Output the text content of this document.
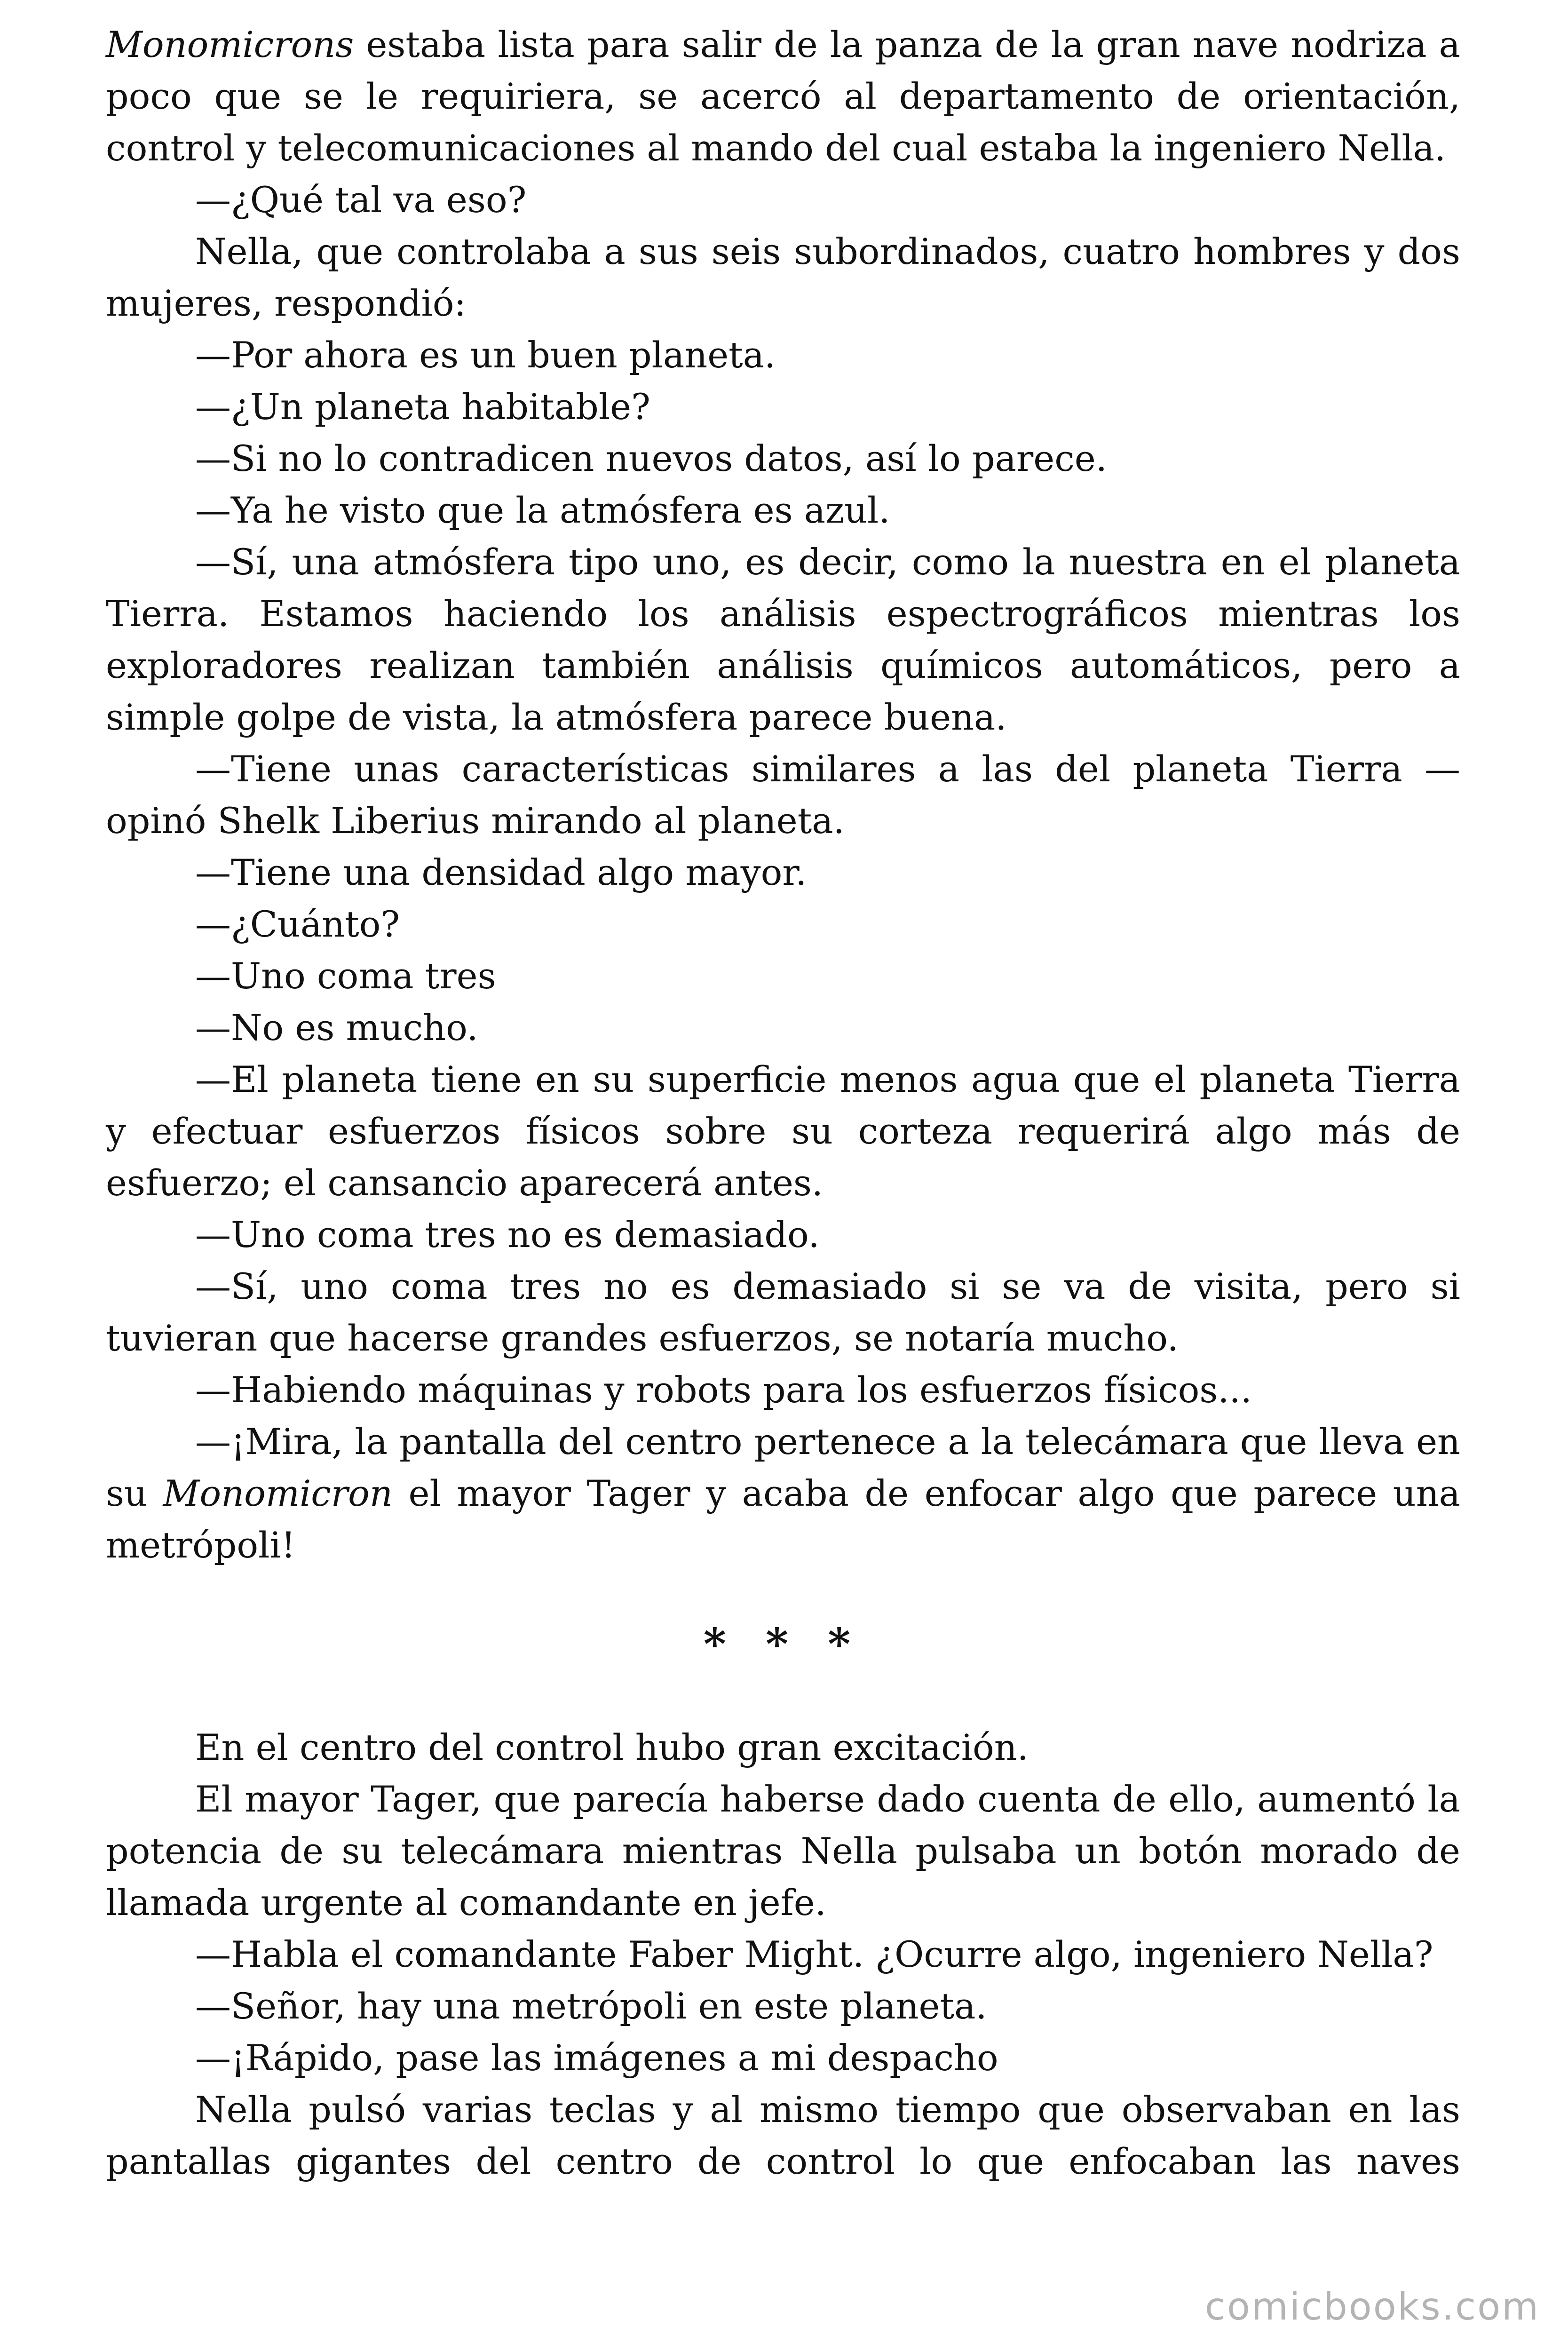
Monomicrons estaba lista para salir de la panza de la gran nave nodriza a poco que se le requiriera, se acercó al departamento de orientación, control y telecomunicaciones al mando del cual estaba la ingeniero Nella.

—¿Qué tal va eso?

Nella, que controlaba a sus seis subordinados, cuatro hombres y dos mujeres, respondió:

—Por ahora es un buen planeta.

—¿Un planeta habitable?

—Si no lo contradicen nuevos datos, así lo parece.

—Ya he visto que la atmósfera es azul.

—Sí, una atmósfera tipo uno, es decir, como la nuestra en el planeta Tierra. Estamos haciendo los análisis espectrográficos mientras los exploradores realizan también análisis químicos automáticos, pero a simple golpe de vista, la atmósfera parece buena.

—Tiene unas características similares a las del planeta Tierra —opinó Shelk Liberius mirando al planeta.

—Tiene una densidad algo mayor.

—¿Cuánto?

—Uno coma tres

—No es mucho.

—El planeta tiene en su superficie menos agua que el planeta Tierra y efectuar esfuerzos físicos sobre su corteza requerirá algo más de esfuerzo; el cansancio aparecerá antes.

—Uno coma tres no es demasiado.

—Sí, uno coma tres no es demasiado si se va de visita, pero si tuvieran que hacerse grandes esfuerzos, se notaría mucho.

—Habiendo máquinas y robots para los esfuerzos físicos...

—¡Mira, la pantalla del centro pertenece a la telecámara que lleva en su Monomicron el mayor Tager y acaba de enfocar algo que parece una metrópoli!

* * *

En el centro del control hubo gran excitación.

El mayor Tager, que parecía haberse dado cuenta de ello, aumentó la potencia de su telecámara mientras Nella pulsaba un botón morado de llamada urgente al comandante en jefe.

—Habla el comandante Faber Might. ¿Ocurre algo, ingeniero Nella?

—Señor, hay una metrópoli en este planeta.

—¡Rápido, pase las imágenes a mi despacho

Nella pulsó varias teclas y al mismo tiempo que observaban en las pantallas gigantes del centro de control lo que enfocaban las naves

comicbooks.com
